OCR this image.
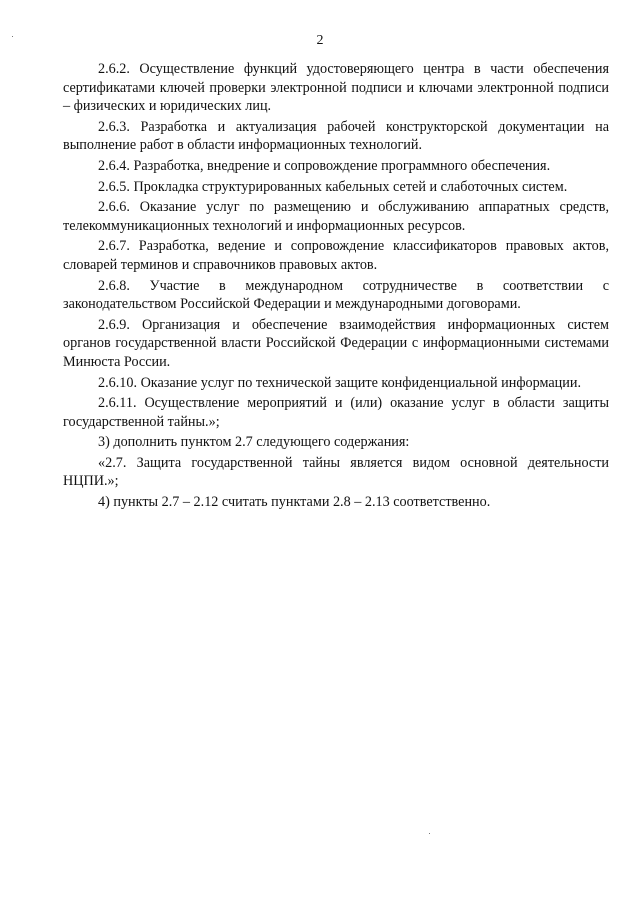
2

2.6.2. Осуществление функций удостоверяющего центра в части обеспечения сертификатами ключей проверки электронной подписи и ключами электронной подписи – физических и юридических лиц.

2.6.3. Разработка и актуализация рабочей конструкторской документации на выполнение работ в области информационных технологий.

2.6.4. Разработка, внедрение и сопровождение программного обеспечения.

2.6.5. Прокладка структурированных кабельных сетей и слаботочных систем.

2.6.6. Оказание услуг по размещению и обслуживанию аппаратных средств, телекоммуникационных технологий и информационных ресурсов.

2.6.7. Разработка, ведение и сопровождение классификаторов правовых актов, словарей терминов и справочников правовых актов.

2.6.8. Участие в международном сотрудничестве в соответствии с законодательством Российской Федерации и международными договорами.

2.6.9. Организация и обеспечение взаимодействия информационных систем органов государственной власти Российской Федерации с информационными системами Минюста России.

2.6.10. Оказание услуг по технической защите конфиденциальной информации.

2.6.11. Осуществление мероприятий и (или) оказание услуг в области защиты государственной тайны.»;

3) дополнить пунктом 2.7 следующего содержания:

«2.7. Защита государственной тайны является видом основной деятельности НЦПИ.»;

4) пункты 2.7 – 2.12 считать пунктами 2.8 – 2.13 соответственно.
